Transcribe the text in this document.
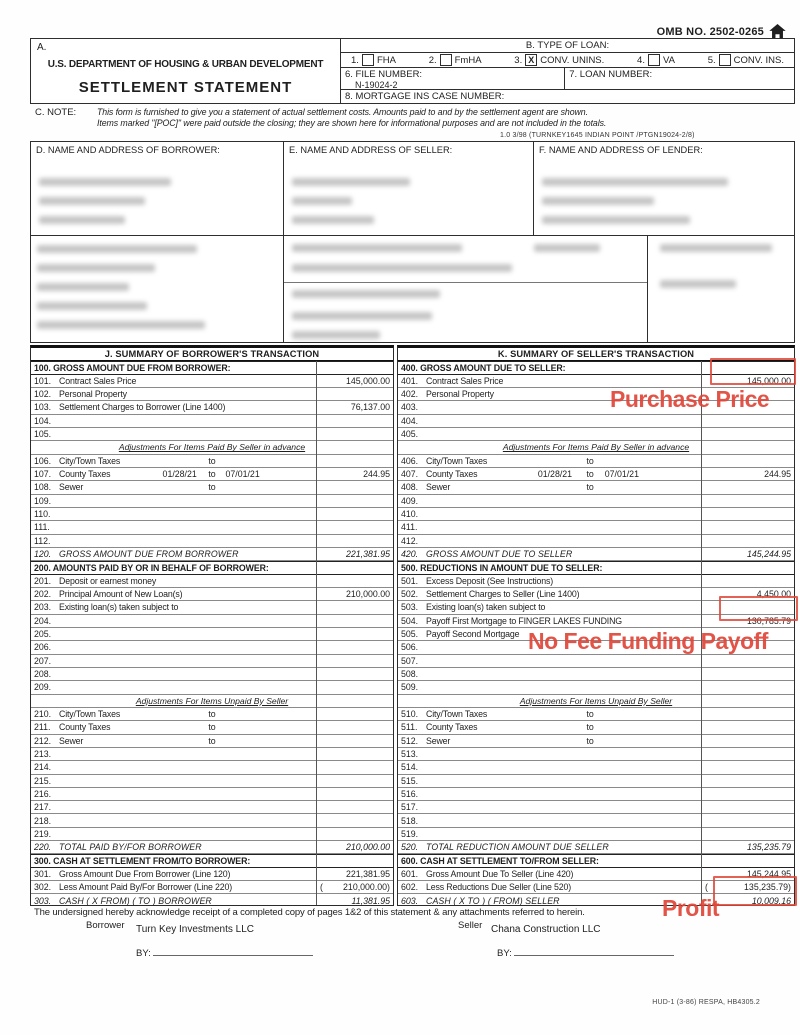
OMB NO. 2502-0265
A.
U.S. DEPARTMENT OF HOUSING & URBAN DEVELOPMENT
SETTLEMENT STATEMENT
B. TYPE OF LOAN:
1. FHA	2. FmHA	3. X CONV. UNINS.	4. VA	5. CONV. INS.
6. FILE NUMBER:
N-19024-2
7. LOAN NUMBER:
8. MORTGAGE INS CASE NUMBER:
C. NOTE:	This form is furnished to give you a statement of actual settlement costs. Amounts paid to and by the settlement agent are shown.
Items marked "[POC]" were paid outside the closing; they are shown here for informational purposes and are not included in the totals.
1.0 3/98 (TURNKEY1645 INDIAN POINT /PTGN19024-2/8)
D. NAME AND ADDRESS OF BORROWER:	E. NAME AND ADDRESS OF SELLER:	F. NAME AND ADDRESS OF LENDER:
J. SUMMARY OF BORROWER'S TRANSACTION
100. GROSS AMOUNT DUE FROM BORROWER:
101. Contract Sales Price	145,000.00
102. Personal Property
103. Settlement Charges to Borrower (Line 1400)	76,137.00
104.
105.
Adjustments For Items Paid By Seller in advance
106. City/Town Taxes	to
107. County Taxes	01/28/21 to 07/01/21	244.95
108. Sewer	to
109.
110.
111.
112.
120. GROSS AMOUNT DUE FROM BORROWER	221,381.95
200. AMOUNTS PAID BY OR IN BEHALF OF BORROWER:
201. Deposit or earnest money
202. Principal Amount of New Loan(s)	210,000.00
203. Existing loan(s) taken subject to
204.
205.
206.
207.
208.
209.
Adjustments For Items Unpaid By Seller
210. City/Town Taxes	to
211. County Taxes	to
212. Sewer	to
213.
214.
215.
216.
217.
218.
219.
220. TOTAL PAID BY/FOR BORROWER	210,000.00
300. CASH AT SETTLEMENT FROM/TO BORROWER:
301. Gross Amount Due From Borrower (Line 120)	221,381.95
302. Less Amount Paid By/For Borrower (Line 220)	( 210,000.00)
303. CASH ( X FROM) ( TO ) BORROWER	11,381.95
K. SUMMARY OF SELLER'S TRANSACTION
400. GROSS AMOUNT DUE TO SELLER:
401. Contract Sales Price	145,000.00
402. Personal Property
403.
404.
405.
Adjustments For Items Paid By Seller in advance
406. City/Town Taxes	to
407. County Taxes	01/28/21 to 07/01/21	244.95
408. Sewer	to
409.
410.
411.
412.
420. GROSS AMOUNT DUE TO SELLER	145,244.95
500. REDUCTIONS IN AMOUNT DUE TO SELLER:
501. Excess Deposit (See Instructions)
502. Settlement Charges to Seller (Line 1400)	4,450.00
503. Existing loan(s) taken subject to
504. Payoff First Mortgage to FINGER LAKES FUNDING	130,785.79
505. Payoff Second Mortgage
506.
507.
508.
509.
Adjustments For Items Unpaid By Seller
510. City/Town Taxes	to
511. County Taxes	to
512. Sewer	to
513.
514.
515.
516.
517.
518.
519.
520. TOTAL REDUCTION AMOUNT DUE SELLER	135,235.79
600. CASH AT SETTLEMENT TO/FROM SELLER:
601. Gross Amount Due To Seller (Line 420)	145,244.95
602. Less Reductions Due Seller (Line 520)	(	135,235.79)
603. CASH ( X TO ) ( FROM) SELLER	10,009.16
Purchase Price
No Fee Funding Payoff
Profit
The undersigned hereby acknowledge receipt of a completed copy of pages 1&2 of this statement & any attachments referred to herein.
Borrower Turn Key Investments LLC	Seller Chana Construction LLC
BY:	BY:
HUD-1 (3-86) RESPA, HB4305.2
